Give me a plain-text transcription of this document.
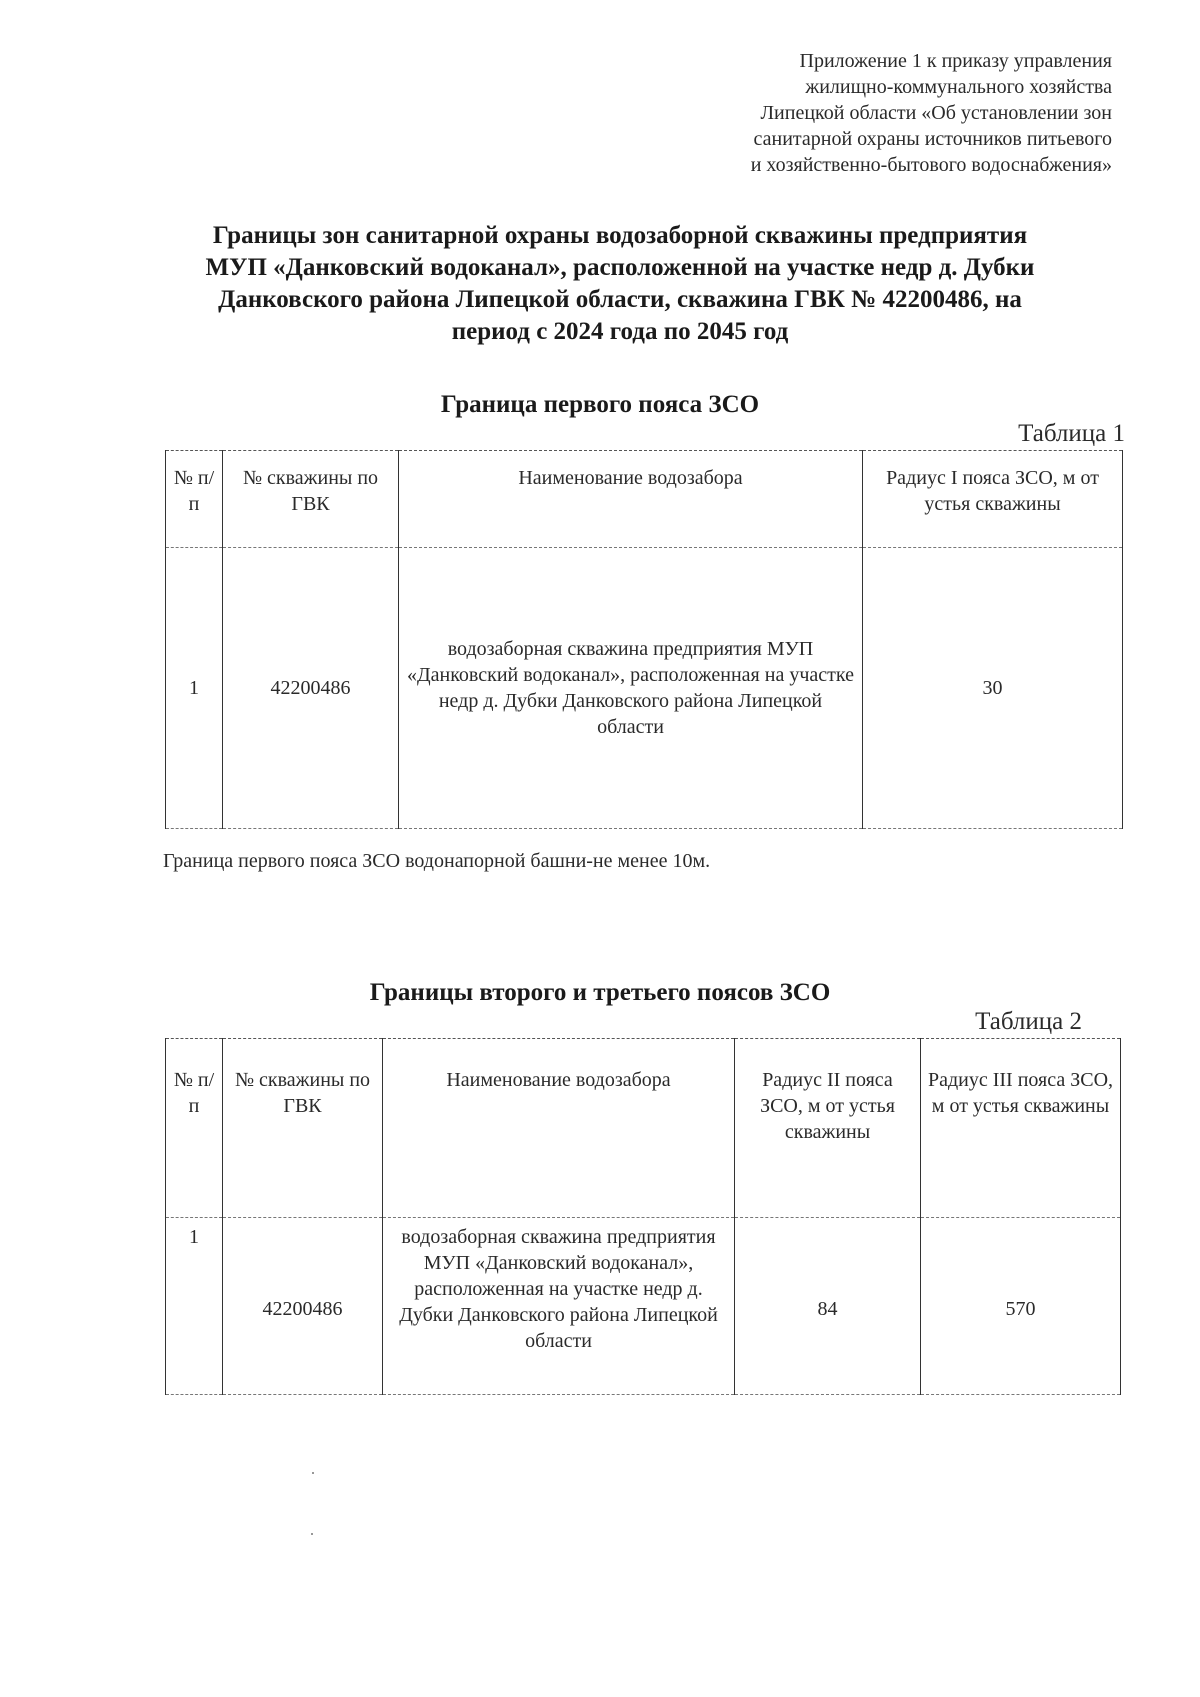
Приложение 1 к приказу управления
жилищно-коммунального хозяйства
Липецкой области «Об установлении зон
санитарной охраны источников питьевого
и хозяйственно-бытового водоснабжения»
Границы зон санитарной охраны водозаборной скважины предприятия
МУП «Данковский водоканал», расположенной на участке недр д. Дубки
Данковского района Липецкой области, скважина ГВК № 42200486, на
период с 2024 года по 2045 год
Граница первого пояса ЗСО
Таблица 1
№ п/п	№ скважины по ГВК	Наименование водозабора	Радиус I пояса ЗСО, м от устья скважины
1	42200486	водозаборная скважина предприятия МУП «Данковский водоканал», расположенная на участке недр д. Дубки Данковского района Липецкой области	30
Граница первого пояса ЗСО водонапорной башни-не менее 10м.
Границы второго и третьего поясов ЗСО
Таблица 2
№ п/п	№ скважины по ГВК	Наименование водозабора	Радиус II пояса ЗСО, м от устья скважины	Радиус III пояса ЗСО, м от устья скважины
1	42200486	водозаборная скважина предприятия МУП «Данковский водоканал», расположенная на участке недр д. Дубки Данковского района Липецкой области	84	570
